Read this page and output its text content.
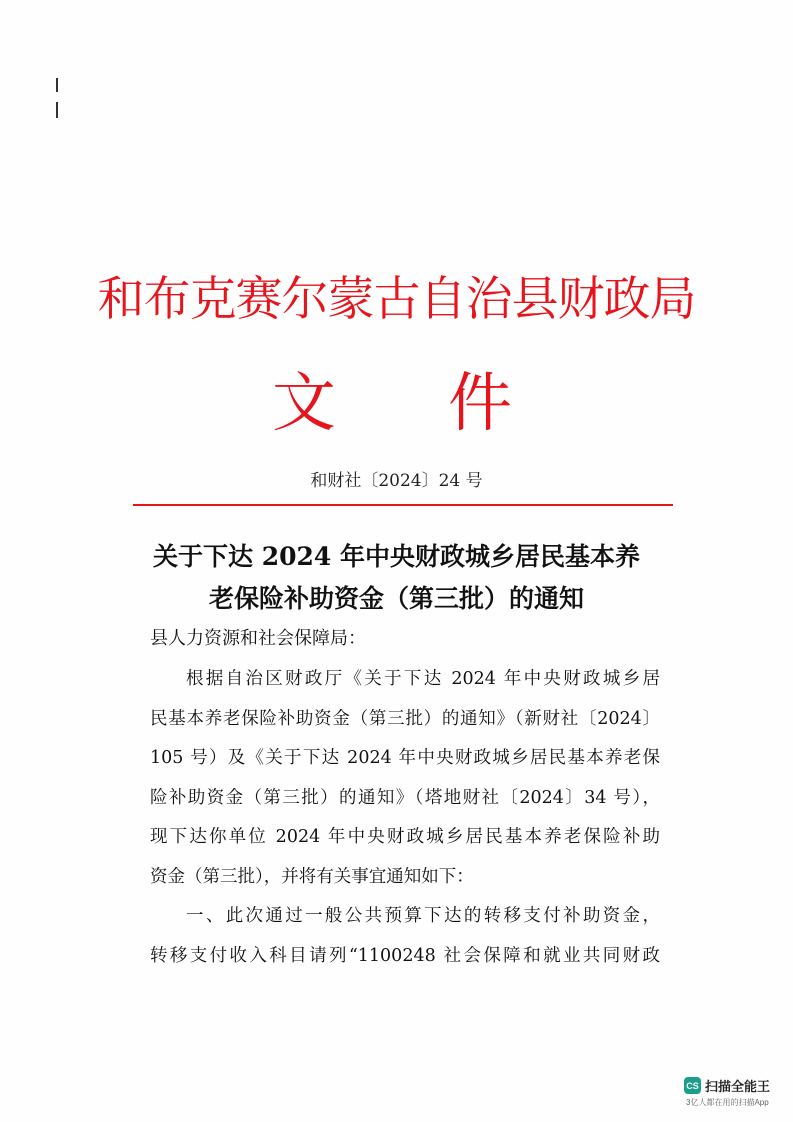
和布克赛尔蒙古自治县财政局
文 件
和财社〔2024〕24 号
关于下达 2024 年中央财政城乡居民基本养
老保险补助资金（第三批）的通知
县人力资源和社会保障局：
根据自治区财政厅《关于下达 2024 年中央财政城乡居
民基本养老保险补助资金（第三批）的通知》（新财社〔2024〕
105 号）及《关于下达 2024 年中央财政城乡居民基本养老保
险补助资金（第三批）的通知》（塔地财社〔2024〕34 号），
现下达你单位 2024 年中央财政城乡居民基本养老保险补助
资金（第三批），并将有关事宜通知如下：
一、此次通过一般公共预算下达的转移支付补助资金，
转移支付收入科目请列“1100248 社会保障和就业共同财政
CS 扫描全能王
3亿人都在用的扫描App
